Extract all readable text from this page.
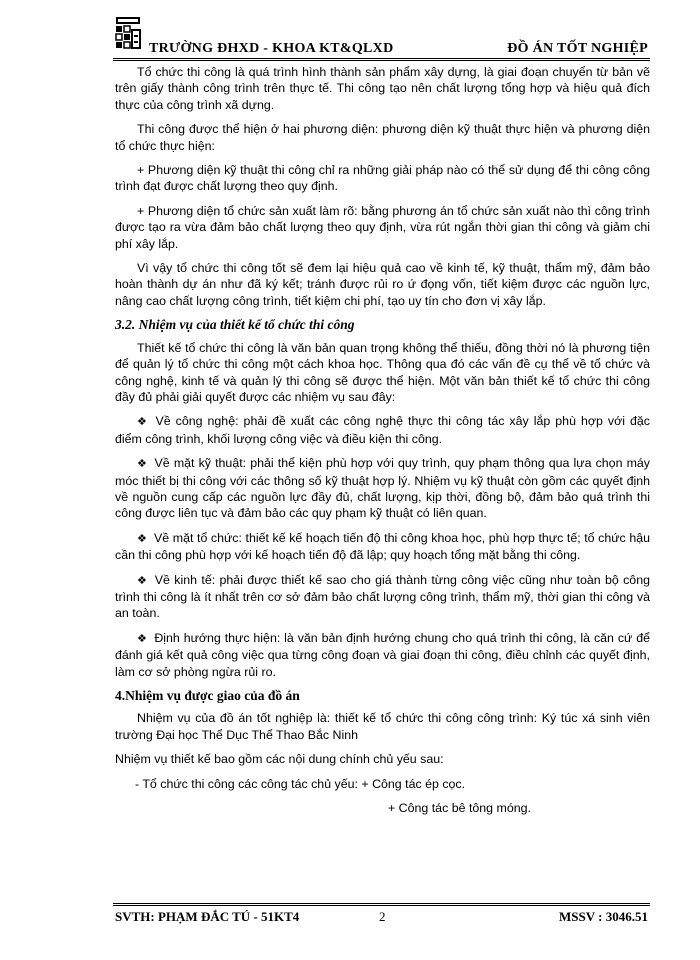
TRƯỜNG ĐHXD - KHOA KT&QLXD	ĐỒ ÁN TỐT NGHIỆP

Tổ chức thi công là quá trình hình thành sản phẩm xây dựng, là giai đoạn chuyển từ bản vẽ trên giấy thành công trình trên thực tế. Thi công tạo nên chất lượng tổng hợp và hiệu quả đích thực của công trình xã dựng.

Thi công được thể hiện ở hai phương diện: phương diện kỹ thuật thực hiện và phương diện tổ chức thực hiện:

+ Phương diện kỹ thuật thi công chỉ ra những giải pháp nào có thể sử dụng để thi công công trình đạt được chất lượng theo quy định.

+ Phương diện tổ chức sản xuất làm rõ: bằng phương án tổ chức sản xuất nào thì công trình được tạo ra vừa đảm bảo chất lượng theo quy định, vừa rút ngắn thời gian thi công và giảm chi phí xây lắp.

Vì vậy tổ chức thi công tốt sẽ đem lại hiệu quả cao về kinh tế, kỹ thuật, thẩm mỹ, đảm bảo hoàn thành dự án như đã ký kết; tránh được rủi ro ứ đọng vốn, tiết kiệm được các nguồn lực, nâng cao chất lượng công trình, tiết kiệm chi phí, tạo uy tín cho đơn vị xây lắp.

3.2. Nhiệm vụ của thiết kế tổ chức thi công

Thiết kế tổ chức thi công là văn bản quan trọng không thể thiếu, đồng thời nó là phương tiện để quản lý tổ chức thi công một cách khoa học. Thông qua đó các vấn đề cụ thể về tổ chức và công nghệ, kinh tế và quản lý thi công sẽ được thể hiện. Một văn bản thiết kế tổ chức thi công đầy đủ phải giải quyết được các nhiệm vụ sau đây:

❖ Về công nghệ: phải đề xuất các công nghệ thực thi công tác xây lắp phù hợp với đặc điểm công trình, khối lượng công việc và điều kiện thi công.

❖ Về mặt kỹ thuật: phải thể kiện phù hợp với quy trình, quy phạm thông qua lựa chọn máy móc thiết bị thi công với các thông số kỹ thuật hợp lý. Nhiệm vụ kỹ thuật còn gồm các quyết định về nguồn cung cấp các nguồn lực đầy đủ, chất lượng, kịp thời, đồng bộ, đảm bảo quá trình thi công được liên tục và đảm bảo các quy phạm kỹ thuật có liên quan.

❖ Về mặt tổ chức: thiết kế kế hoạch tiến độ thi công khoa học, phù hợp thực tế; tổ chức hậu cần thi công phù hợp với kế hoạch tiến độ đã lập; quy hoạch tổng mặt bằng thi công.

❖ Về kinh tế: phải được thiết kế sao cho giá thành từng công việc cũng như toàn bộ công trình thi công là ít nhất trên cơ sở đảm bảo chất lượng công trình, thẩm mỹ, thời gian thi công và an toàn.

❖ Định hướng thực hiện: là văn bản định hướng chung cho quá trình thi công, là căn cứ để đánh giá kết quả công việc qua từng công đoạn và giai đoạn thi công, điều chỉnh các quyết định, làm cơ sở phòng ngừa rủi ro.

4.Nhiệm vụ được giao của đồ án

Nhiệm vụ của đồ án tốt nghiệp là: thiết kế tổ chức thi công công trình: Ký túc xá sinh viên trường Đại học Thể Dục Thể Thao Bắc Ninh

Nhiệm vụ thiết kế bao gồm các nội dung chính chủ yếu sau:

- Tổ chức thi công các công tác chủ yếu: + Công tác ép cọc.

+ Công tác bê tông móng.

SVTH: PHẠM ĐẮC TÚ - 51KT4	2	MSSV : 3046.51
